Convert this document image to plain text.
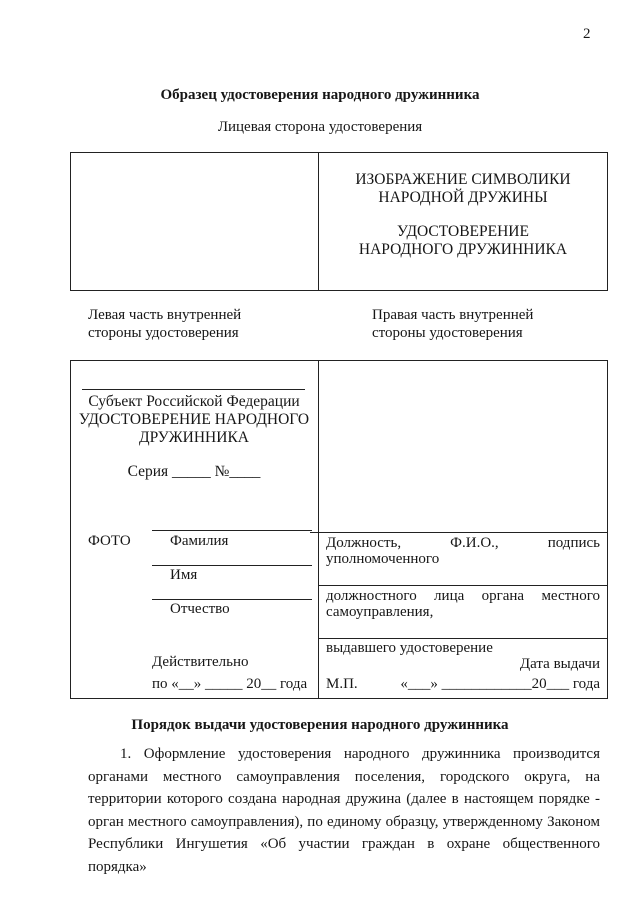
2
Образец удостоверения народного дружинника
Лицевая сторона удостоверения
ИЗОБРАЖЕНИЕ СИМВОЛИКИ
НАРОДНОЙ ДРУЖИНЫ
УДОСТОВЕРЕНИЕ
НАРОДНОГО ДРУЖИННИКА
Левая часть внутренней
стороны удостоверения
Правая часть внутренней
стороны удостоверения
Субъект Российской Федерации
УДОСТОВЕРЕНИЕ НАРОДНОГО
ДРУЖИННИКА
Серия _____ №____
ФОТО	Фамилия
Имя
Отчество
Действительно
по «__» _____ 20__ года
Должность, Ф.И.О., подпись
уполномоченного
должностного лица органа местного
самоуправления,
выдавшего удостоверение
Дата выдачи
М.П.	«___» ____________20___ года
Порядок выдачи удостоверения народного дружинника
1. Оформление удостоверения народного дружинника производится органами местного самоуправления поселения, городского округа, на территории которого создана народная дружина (далее в настоящем порядке - орган местного самоуправления), по единому образцу, утвержденному Законом Республики Ингушетия «Об участии граждан в охране общественного порядка»
